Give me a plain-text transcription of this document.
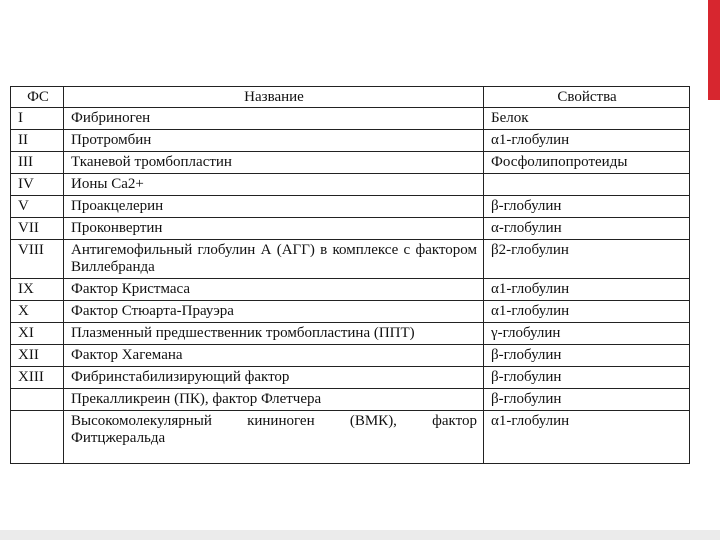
ФС	Название	Свойства
I	Фибриноген	Белок
II	Протромбин	α1-глобулин
III	Тканевой тромбопластин	Фосфолипопротеиды
IV	Ионы Са2+	
V	Проакцелерин	β-глобулин
VII	Проконвертин	α-глобулин
VIII	Антигемофильный глобулин А (АГГ) в комплексе с фактором Виллебранда	β2-глобулин
IX	Фактор Кристмаса	α1-глобулин
X	Фактор Стюарта-Прауэра	α1-глобулин
XI	Плазменный предшественник тромбопластина (ППТ)	γ-глобулин
XII	Фактор Хагемана	β-глобулин
XIII	Фибринстабилизирующий фактор	β-глобулин
	Прекалликреин (ПК), фактор Флетчера	β-глобулин
	Высокомолекулярный кининоген (ВМК), фактор Фитцжеральда	α1-глобулин
